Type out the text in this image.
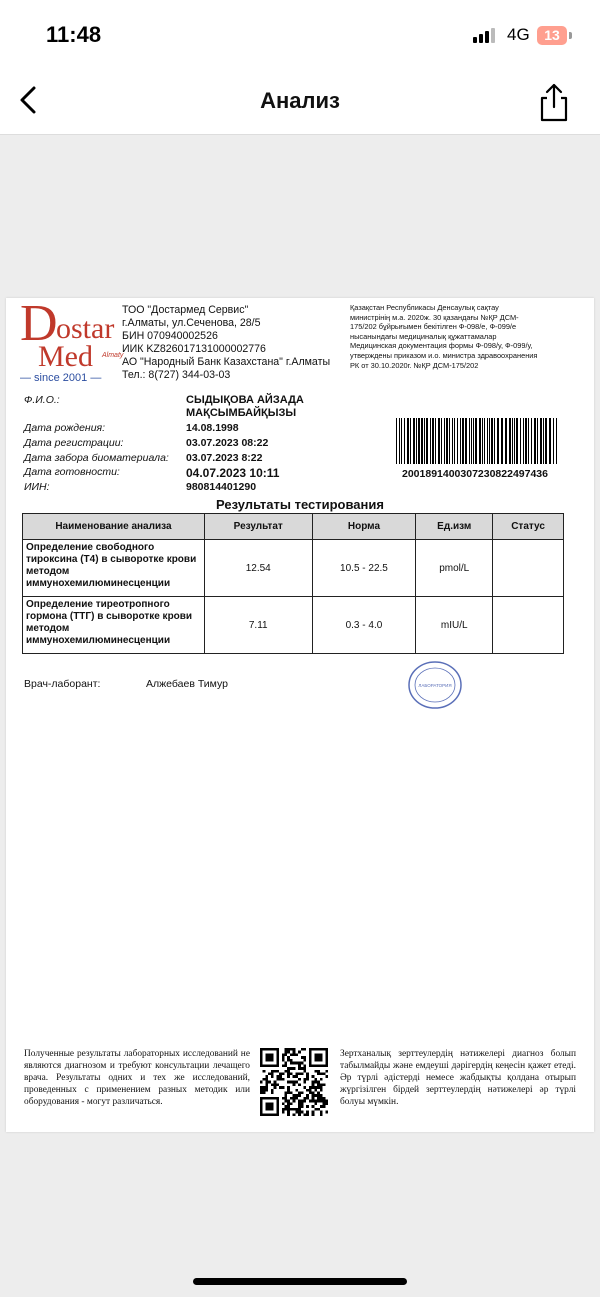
11:48	4G	13
Анализ
D
ostar
Med Almaty
— since 2001 —
ТОО "Достармед Сервис"
г.Алматы, ул.Сеченова, 28/5
БИН 070940002526
ИИК KZ826017131000002776
АО "Народный Банк Казахстана" г.Алматы
Тел.: 8(727) 344-03-03
Қазақстан Республикасы Денсаулық сақтау
министрінің м.а. 2020ж. 30 қазандағы №ҚР ДСМ-
175/202 бұйрығымен бекітілген Ф-098/е, Ф-099/е
нысанындағы медициналық құжаттамалар
Медицинская документация формы Ф-098/у, Ф-099/у,
утверждены приказом и.о. министра здравоохранения
РК от 30.10.2020г. №ҚР ДСМ-175/202
Ф.И.О.:	СЫДЫҚОВА АЙЗАДА
МАҚСЫМБАЙҚЫЗЫ
Дата рождения:	14.08.1998
Дата регистрации:	03.07.2023 08:22
Дата забора биоматериала: 03.07.2023 8:22
Дата готовности:	04.07.2023 10:11
ИИН:	980814401290
200189140030723082249743​6
Результаты тестирования
Наименование анализа	Результат	Норма	Ед.изм	Статус
Определение свободного тироксина (Т4) в сыворотке крови методом иммунохемилюминесценции	12.54	10.5 - 22.5	pmol/L	
Определение тиреотропного гормона (ТТГ) в сыворотке крови методом иммунохемилюминесценции	7.11	0.3 - 4.0	mIU/L	
Врач-лаборант:	Алжебаев Тимур	ЛАБОРАТОРИЯ
Полученные результаты лабораторных исследований не являются диагнозом и требуют консультации лечащего врача. Результаты одних и тех же исследований, проведенных с применением разных методик или оборудования - могут различаться.
Зертханалық зерттеулердің нәтижелері диагноз болып табылмайды және емдеуші дәрігердің кеңесін қажет етеді. Әр түрлі әдістерді немесе жабдықты қолдана отырып жүргізілген бірдей зерттеулердің нәтижелері әр түрлі болуы мүмкін.
